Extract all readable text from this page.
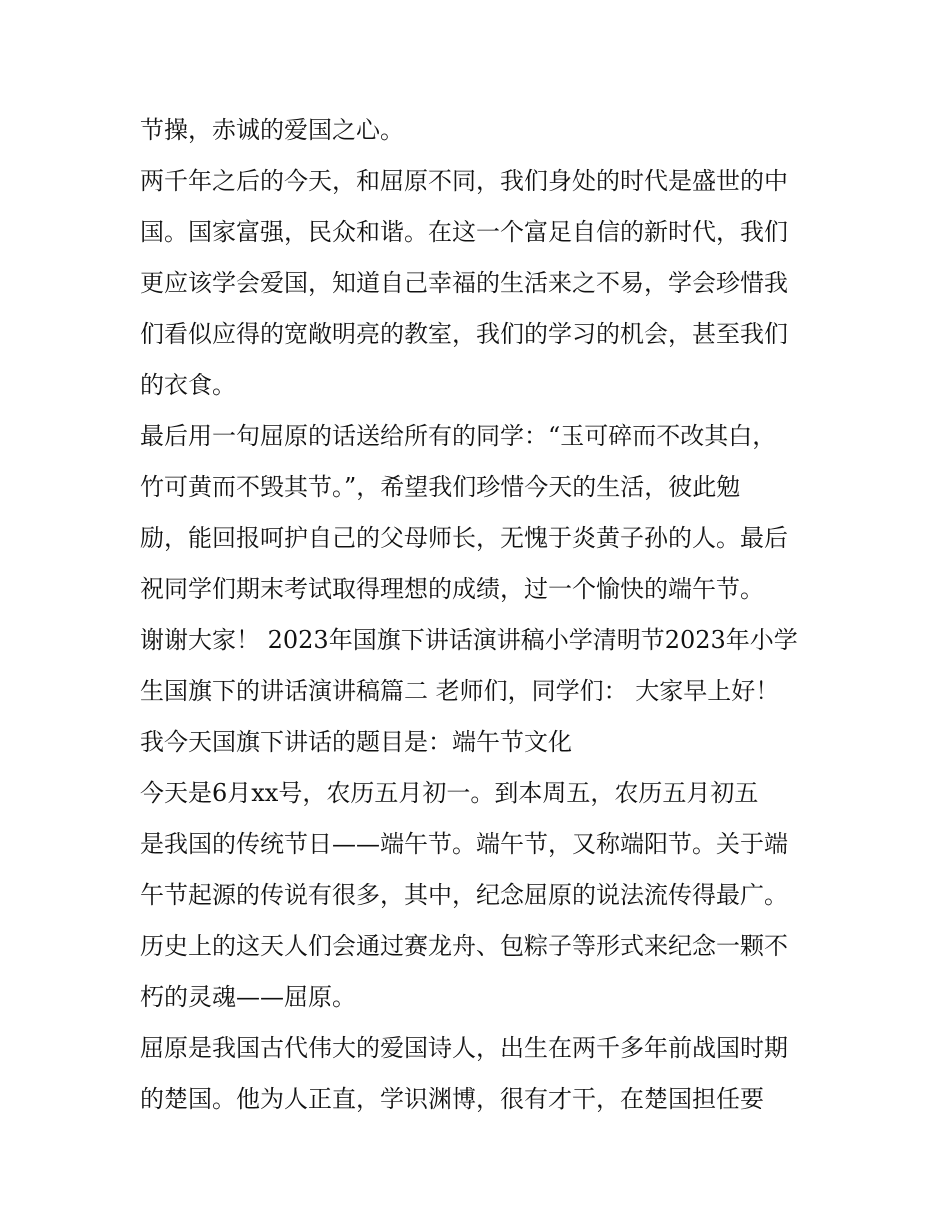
节操，赤诚的爱国之心。
两千年之后的今天，和屈原不同，我们身处的时代是盛世的中
国。国家富强，民众和谐。在这一个富足自信的新时代，我们
更应该学会爱国，知道自己幸福的生活来之不易，学会珍惜我
们看似应得的宽敞明亮的教室，我们的学习的机会，甚至我们
的衣食。
最后用一句屈原的话送给所有的同学：“玉可碎而不改其白，
竹可黄而不毁其节。”，希望我们珍惜今天的生活，彼此勉
励，能回报呵护自己的父母师长，无愧于炎黄子孙的人。最后
祝同学们期末考试取得理想的成绩，过一个愉快的端午节。
谢谢大家！ 2023年国旗下讲话演讲稿小学清明节2023年小学
生国旗下的讲话演讲稿篇二 老师们，同学们： 大家早上好！
我今天国旗下讲话的题目是：端午节文化
今天是6月xx号，农历五月初一。到本周五，农历五月初五
是我国的传统节日——端午节。端午节，又称端阳节。关于端
午节起源的传说有很多，其中，纪念屈原的说法流传得最广。
历史上的这天人们会通过赛龙舟、包粽子等形式来纪念一颗不
朽的灵魂——屈原。
屈原是我国古代伟大的爱国诗人，出生在两千多年前战国时期
的楚国。他为人正直，学识渊博，很有才干，在楚国担任要
